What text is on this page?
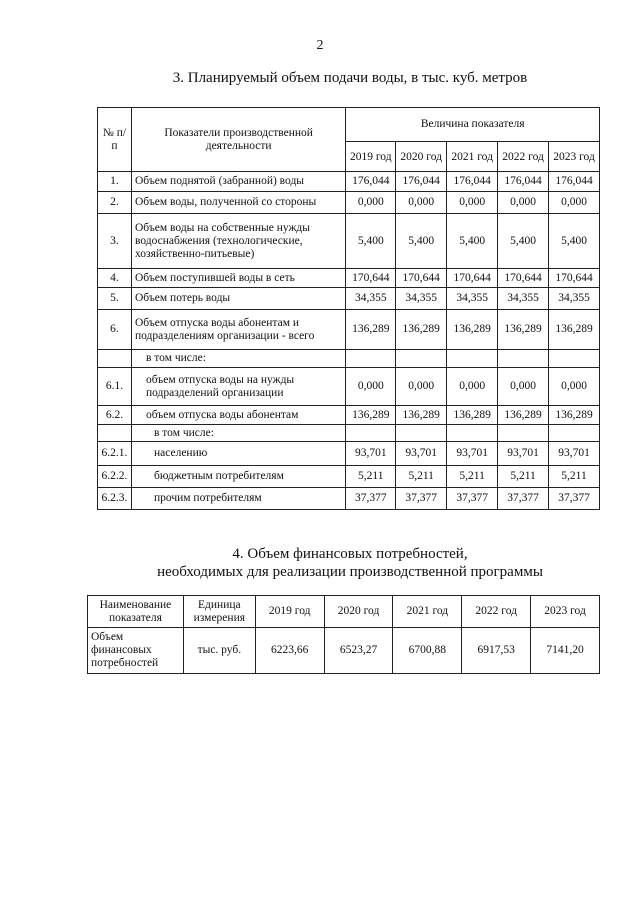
2
3. Планируемый объем подачи воды, в тыс. куб. метров
№ п/п	Показатели производственной деятельности	Величина показателя				
		2019 год	2020 год	2021 год	2022 год	2023 год
1.	Объем поднятой (забранной) воды	176,044	176,044	176,044	176,044	176,044
2.	Объем воды, полученной со стороны	0,000	0,000	0,000	0,000	0,000
3.	Объем воды на собственные нужды водоснабжения (технологические, хозяйственно-питьевые)	5,400	5,400	5,400	5,400	5,400
4.	Объем поступившей воды в сеть	170,644	170,644	170,644	170,644	170,644
5.	Объем потерь воды	34,355	34,355	34,355	34,355	34,355
6.	Объем отпуска воды абонентам и подразделениям организации - всего	136,289	136,289	136,289	136,289	136,289
	в том числе:					
6.1.	объем отпуска воды на нужды подразделений организации	0,000	0,000	0,000	0,000	0,000
6.2.	объем отпуска воды абонентам	136,289	136,289	136,289	136,289	136,289
	в том числе:					
6.2.1.	населению	93,701	93,701	93,701	93,701	93,701
6.2.2.	бюджетным потребителям	5,211	5,211	5,211	5,211	5,211
6.2.3.	прочим потребителям	37,377	37,377	37,377	37,377	37,377
4. Объем финансовых потребностей,
необходимых для реализации производственной программы
Наименование показателя	Единица измерения	2019 год	2020 год	2021 год	2022 год	2023 год
Объем финансовых потребностей	тыс. руб.	6223,66	6523,27	6700,88	6917,53	7141,20
